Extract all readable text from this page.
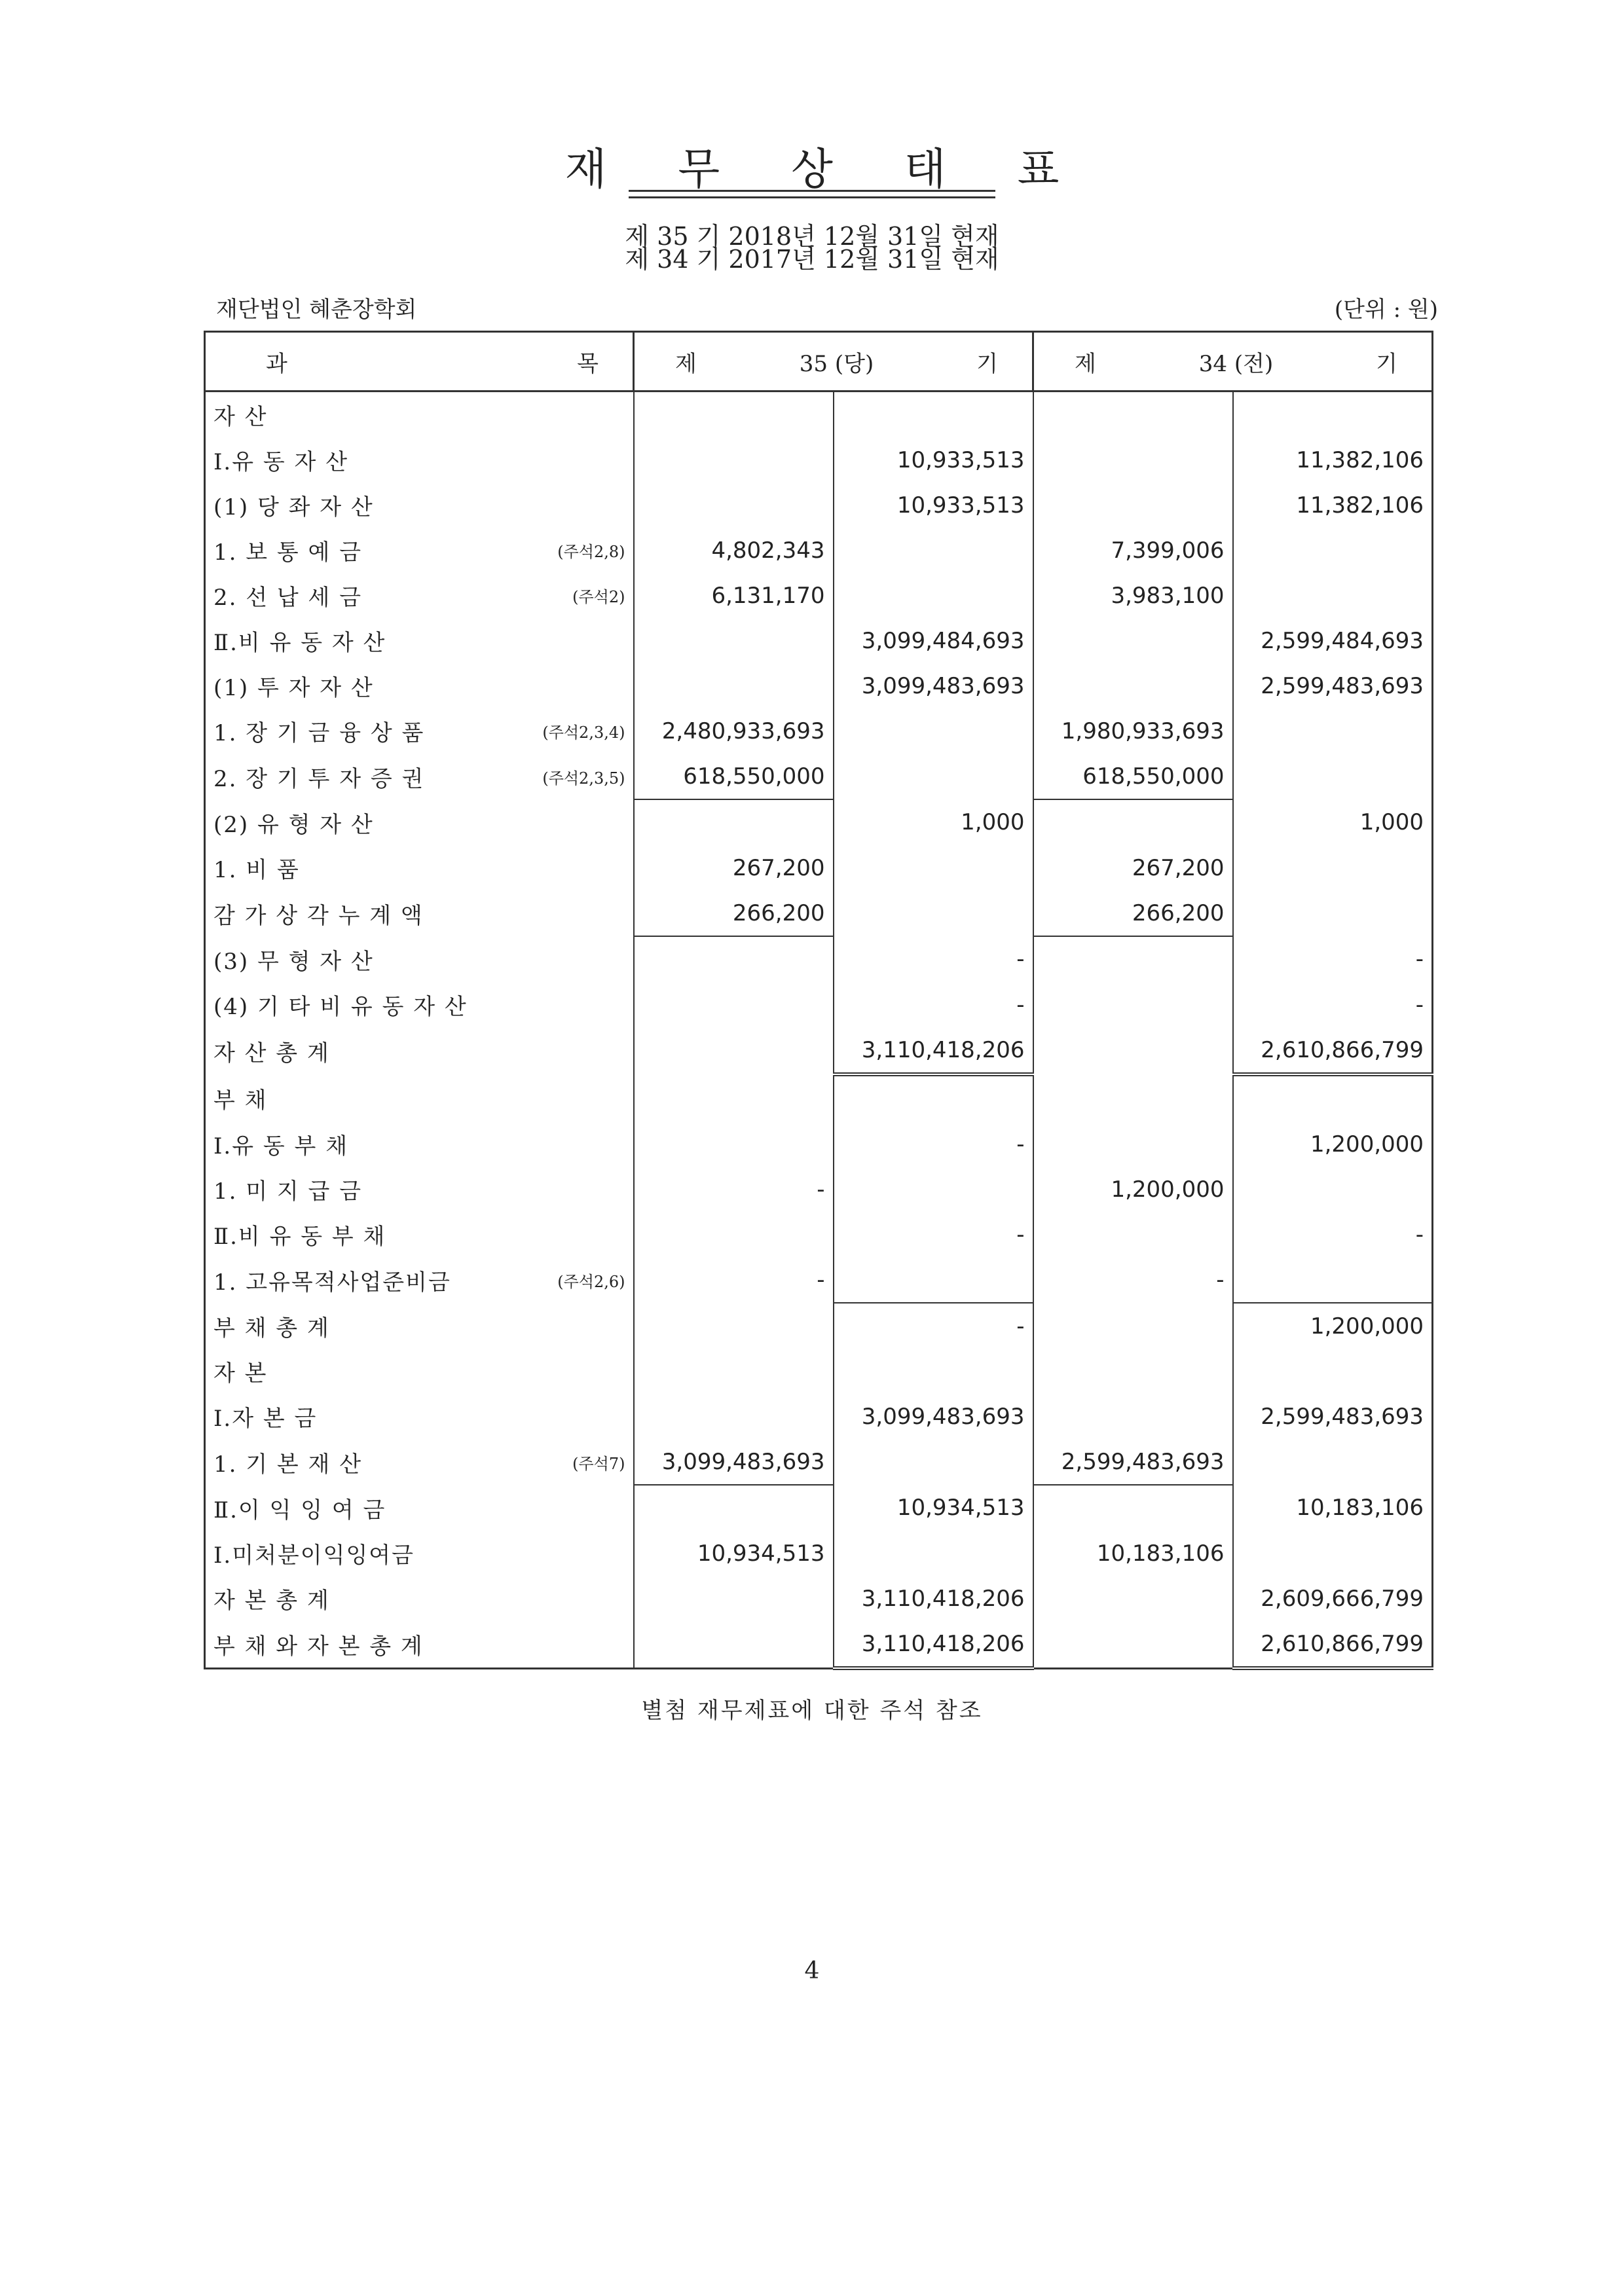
재 무 상 태 표
제 35 기 2018년 12월 31일 현재
제 34 기 2017년 12월 31일 현재
재단법인 혜춘장학회	(단위 : 원)
과 목	제 35 (당) 기		제 34 (전) 기	

자 산				

Ⅰ.유 동 자 산		10,933,513		11,382,106

(1) 당 좌 자 산		10,933,513		11,382,106

1. 보 통 예 금 (주석2,8)	4,802,343		7,399,006	

2. 선 납 세 금 (주석2)	6,131,170		3,983,100	

Ⅱ.비 유 동 자 산		3,099,484,693		2,599,484,693

(1) 투 자 자 산		3,099,483,693		2,599,483,693

1. 장 기 금 융 상 품 (주석2,3,4)	2,480,933,693		1,980,933,693	

2. 장 기 투 자 증 권 (주석2,3,5)	618,550,000		618,550,000	

(2) 유 형 자 산		1,000		1,000

1. 비 품	267,200		267,200	

감 가 상 각 누 계 액	266,200		266,200	

(3) 무 형 자 산		-		-

(4) 기 타 비 유 동 자 산		-		-

자 산 총 계		3,110,418,206		2,610,866,799

부 채				

Ⅰ.유 동 부 채		-		1,200,000

1. 미 지 급 금	-		1,200,000	

Ⅱ.비 유 동 부 채		-		-

1. 고유목적사업준비금 (주석2,6)	-		-	

부 채 총 계		-		1,200,000

자 본				

Ⅰ.자 본 금		3,099,483,693		2,599,483,693

1. 기 본 재 산 (주석7)	3,099,483,693		2,599,483,693	

Ⅱ.이 익 잉 여 금		10,934,513		10,183,106

Ⅰ.미처분이익잉여금	10,934,513		10,183,106	

자 본 총 계		3,110,418,206		2,609,666,799

부 채 와 자 본 총 계		3,110,418,206		2,610,866,799
별첨 재무제표에 대한 주석 참조
4
